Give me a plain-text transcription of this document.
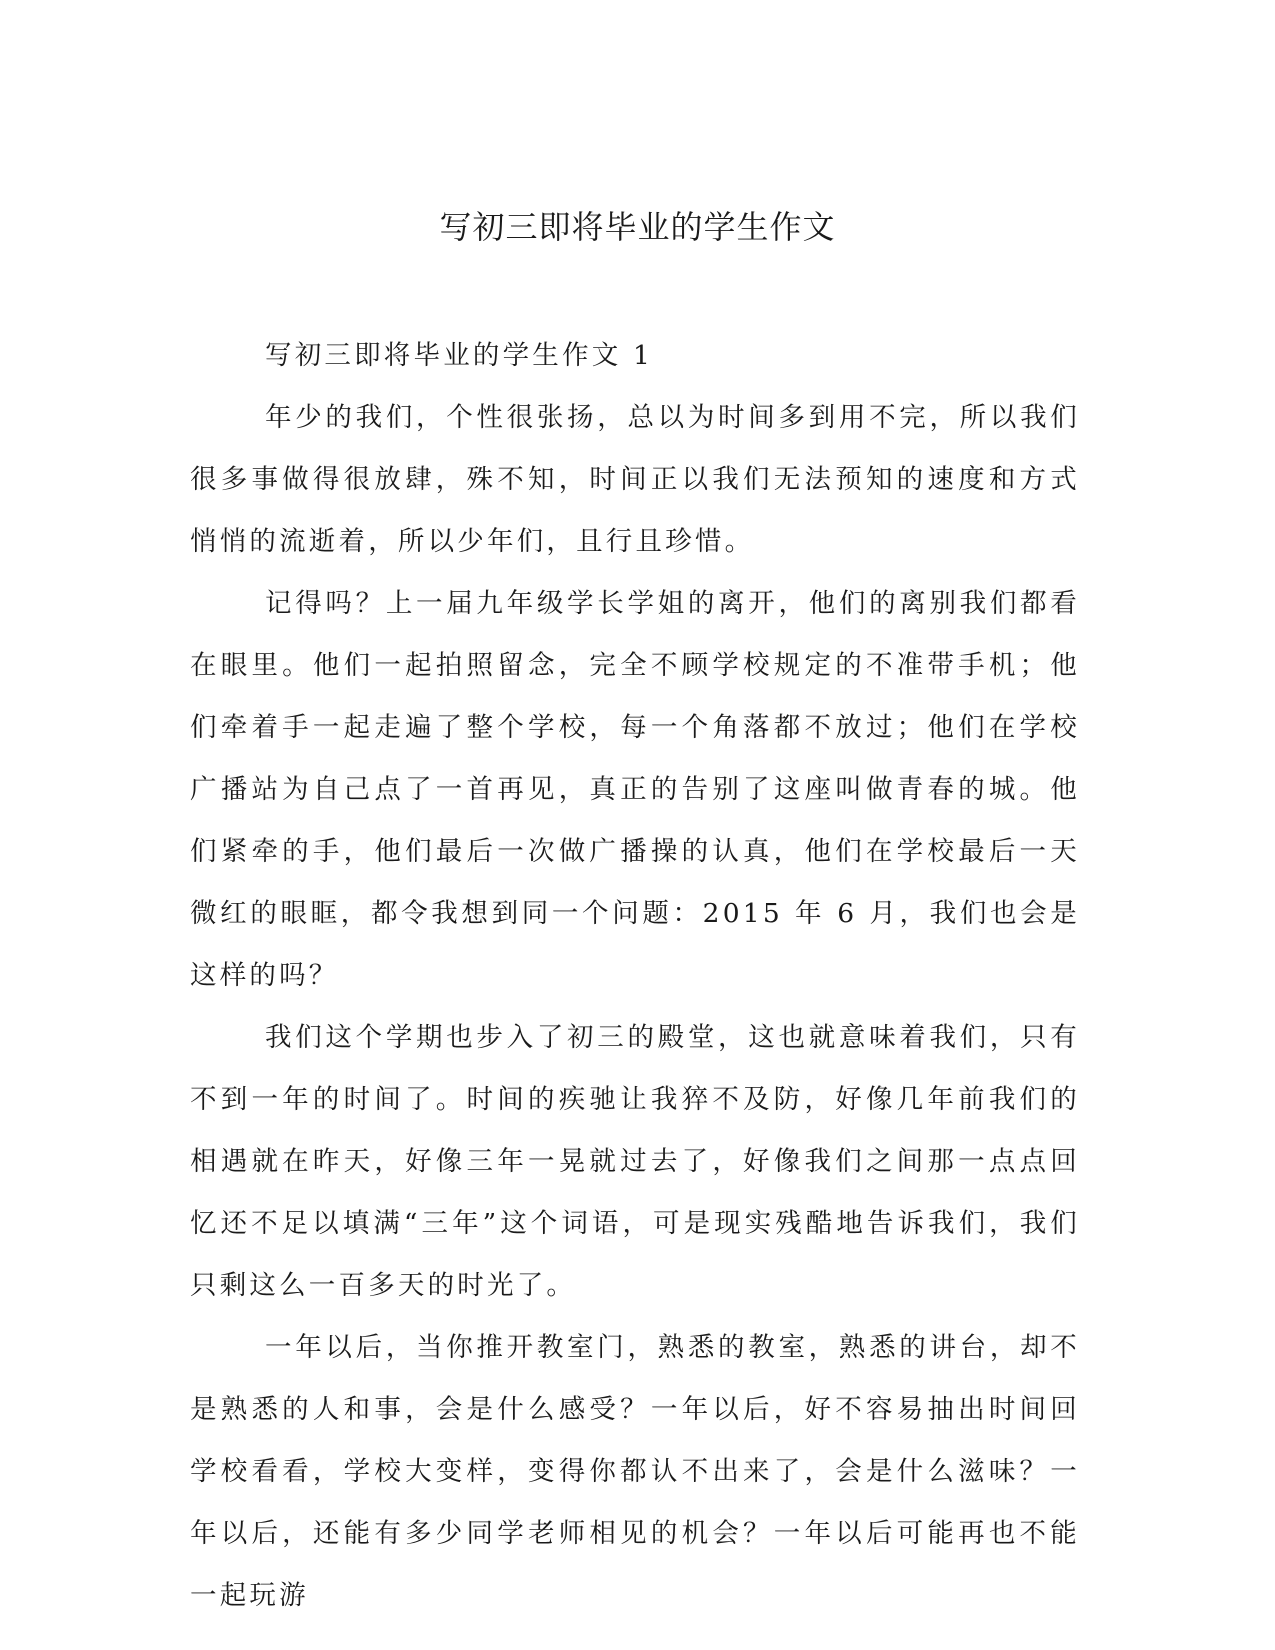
写初三即将毕业的学生作文

写初三即将毕业的学生作文 1

年少的我们，个性很张扬，总以为时间多到用不完，所以我们很多事做得很放肆，殊不知，时间正以我们无法预知的速度和方式悄悄的流逝着，所以少年们，且行且珍惜。

记得吗？上一届九年级学长学姐的离开，他们的离别我们都看在眼里。他们一起拍照留念，完全不顾学校规定的不准带手机；他们牵着手一起走遍了整个学校，每一个角落都不放过；他们在学校广播站为自己点了一首再见，真正的告别了这座叫做青春的城。他们紧牵的手，他们最后一次做广播操的认真，他们在学校最后一天微红的眼眶，都令我想到同一个问题：2015 年 6 月，我们也会是这样的吗？

我们这个学期也步入了初三的殿堂，这也就意味着我们，只有不到一年的时间了。时间的疾驰让我猝不及防，好像几年前我们的相遇就在昨天，好像三年一晃就过去了，好像我们之间那一点点回忆还不足以填满“三年”这个词语，可是现实残酷地告诉我们，我们只剩这么一百多天的时光了。

一年以后，当你推开教室门，熟悉的教室，熟悉的讲台，却不是熟悉的人和事，会是什么感受？一年以后，好不容易抽出时间回学校看看，学校大变样，变得你都认不出来了，会是什么滋味？一年以后，还能有多少同学老师相见的机会？一年以后可能再也不能一起玩游
